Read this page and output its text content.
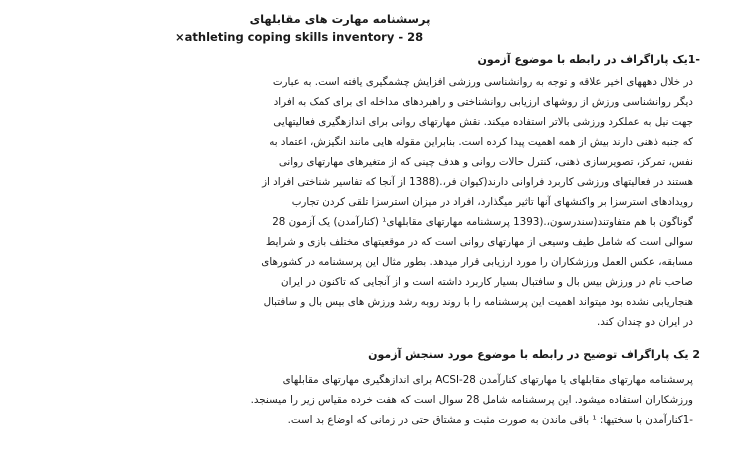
پرسشنامه مهارت های مقابلهای
×athleting coping skills inventory - 28
-1یک پاراگراف در رابطه با موضوع آزمون
در خلال دهههای اخیر علاقه و توجه به روانشناسی ورزشی افزایش چشمگیری یافته است. به عبارت
دیگر روانشناسی ورزش از روشهای ارزیابی روانشناختی و راهبردهای مداخله ای برای کمک به افراد
جهت نیل به عملکرد ورزشی بالاتر استفاده میکند. نقش مهارتهای روانی برای اندازهگیری فعالیتهایی
که جنبه ذهنی دارند بیش از همه اهمیت پیدا کرده است. بنابراین مقوله هایی مانند انگیزش، اعتماد به
نفس، تمرکز، تصویرسازی ذهنی، کنترل حالات روانی و هدف چینی که از متغیرهای مهارتهای روانی
هستند در فعالیتهای ورزشی کاربرد فراوانی دارند(کیوان فر،.(1388 از آنجا که تفاسیر شناختی افراد از
رویدادهای استرسزا بر واکنشهای آنها تاثیر میگذارد، افراد در میزان استرسزا تلقی کردن تجارب
گوناگون با هم متفاوتند(سندرسون،.(1393 پرسشنامه مهارتهای مقابلهای¹ (کنارآمدن) یک آزمون 28
سوالی است که شامل طیف وسیعی از مهارتهای روانی است که در موقعیتهای مختلف بازی و شرایط
مسابقه، عکس العمل ورزشکاران را مورد ارزیابی قرار میدهد. بطور مثال این پرسشنامه در کشورهای
صاحب نام در ورزش بیس بال و سافتبال بسیار کاربرد داشته است و از آنجایی که تاکنون در ایران
هنجاریابی نشده بود میتواند اهمیت این پرسشنامه را با روند روبه رشد ورزش های بیس بال و سافتبال
در ایران دو چندان کند.
2 یک پاراگراف توضیح در رابطه با موضوع مورد سنجش آزمون
پرسشنامه مهارتهای مقابلهای یا مهارتهای کنارآمدن ACSI-28 برای اندازهگیری مهارتهای مقابلهای
ورزشکاران استفاده میشود. این پرسشنامه شامل 28 سوال است که هفت خرده مقیاس زیر را میسنجد.
-1کنارآمدن با سختیها: ¹ باقی ماندن به صورت مثبت و مشتاق حتی در زمانی که اوضاع بد است.
